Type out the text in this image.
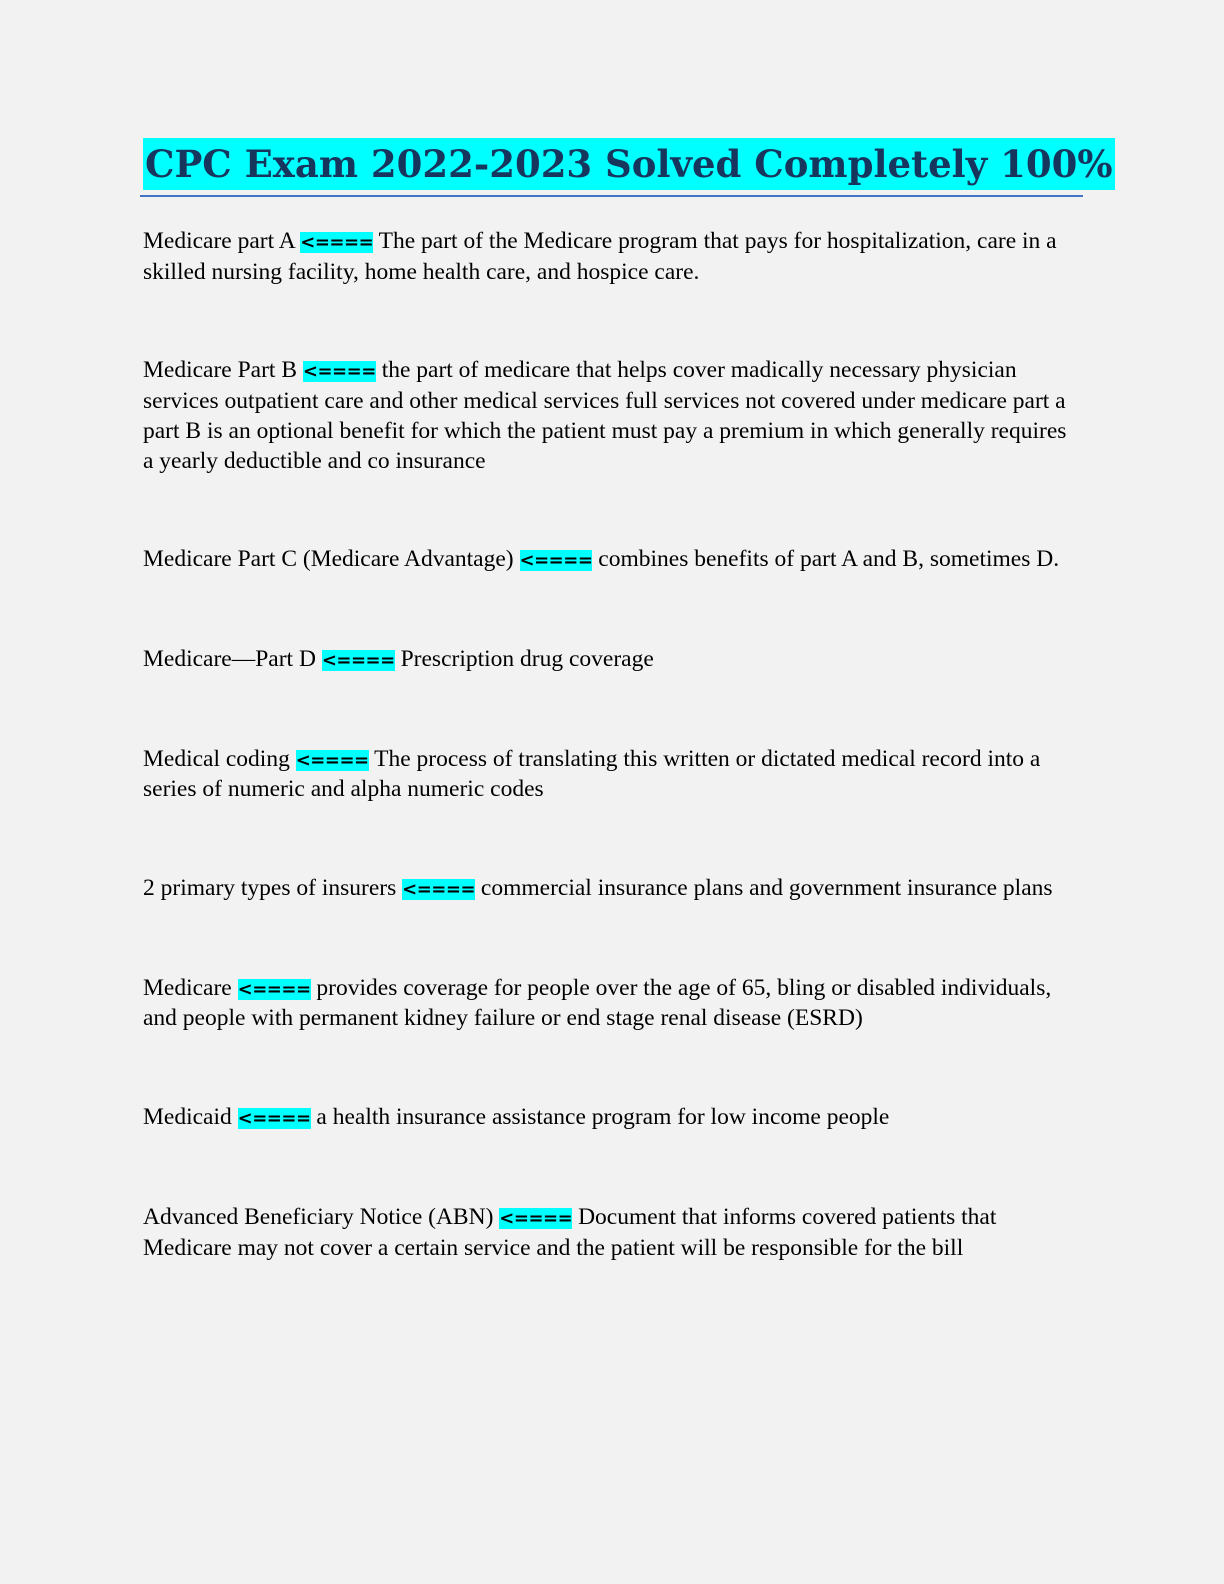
CPC Exam 2022-2023 Solved Completely 100%

Medicare part A <==== The part of the Medicare program that pays for hospitalization, care in a skilled nursing facility, home health care, and hospice care.

Medicare Part B <==== the part of medicare that helps cover madically necessary physician services outpatient care and other medical services full services not covered under medicare part a part B is an optional benefit for which the patient must pay a premium in which generally requires a yearly deductible and co insurance

Medicare Part C (Medicare Advantage) <==== combines benefits of part A and B, sometimes D.

Medicare—Part D <==== Prescription drug coverage

Medical coding <==== The process of translating this written or dictated medical record into a series of numeric and alpha numeric codes

2 primary types of insurers <==== commercial insurance plans and government insurance plans

Medicare <==== provides coverage for people over the age of 65, bling or disabled individuals, and people with permanent kidney failure or end stage renal disease (ESRD)

Medicaid <==== a health insurance assistance program for low income people

Advanced Beneficiary Notice (ABN) <==== Document that informs covered patients that Medicare may not cover a certain service and the patient will be responsible for the bill
